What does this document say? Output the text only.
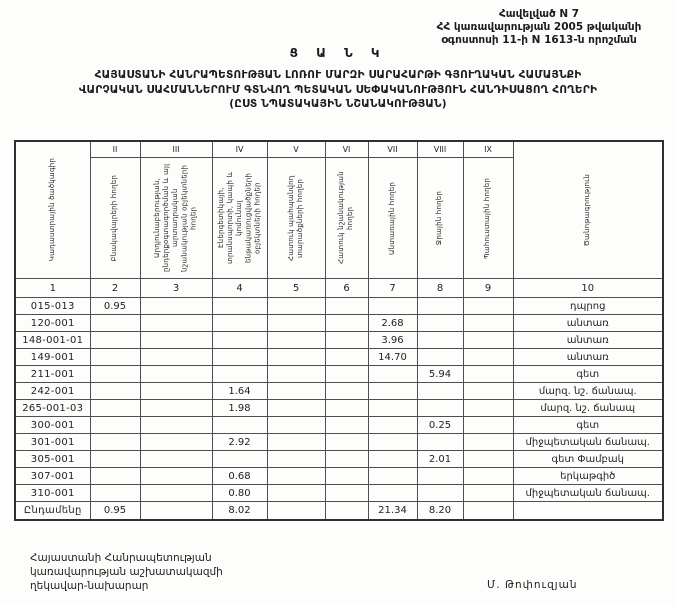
Հավելված N 7
ՀՀ կառավարության 2005 թվականի
օգոստոսի 11-ի N 1613-ն որոշման
Ց Ա Ն Կ
ՀԱՅԱՍՏԱՆԻ ՀԱՆՐԱՊԵՏՈՒԹՅԱՆ ԼՈՌՈՒ ՄԱՐԶԻ ՍԱՐԱՀԱՐԹԻ ԳՅՈՒՂԱԿԱՆ ՀԱՄԱՅՆՔԻ
ՎԱՐՉԱԿԱՆ ՍԱՀՄԱՆՆԵՐՈՒՄ ԳՏՆՎՈՂ ՊԵՏԱԿԱՆ ՍԵՓԱԿԱՆՈՒԹՅՈՒՆ ՀԱՆԴԻՍԱՑՈՂ ՀՈՂԵՐԻ
(ԸՍՏ ՆՊԱՏԱԿԱՅԻՆ ՆՇԱՆԱԿՈՒԹՅԱՆ)
Կադաստրային ծածկագիր	II	III	IV	V	VI	VII	VIII	IX	Ծանոթագրություն

	Բնակավայրերի հողեր	Արդյունաբերության, ընդերքօգտագործման և այլ արտադրական նշանակության օբյեկտների հողեր	Էներգետիկայի, տրանսպորտի, կապի և կոմունալ ենթակառուցվածքների օբյեկտների հողեր	Հատուկ պահպանվող տարածքների հողեր	Հատուկ նշանակության հողեր	Անտառային հողեր	Ջրային հողեր	Պահուստային հողեր	

1	2	3	4	5	6	7	8	9	10
015-013	0.95								դպրոց
120-001						2.68			անտառ
148-001-01						3.96			անտառ
149-001						14.70			անտառ
211-001							5.94		գետ
242-001			1.64						մարզ. նշ. ճանապ.
265-001-03			1.98						մարզ. նշ. ճանապ
300-001							0.25		գետ
301-001			2.92						միջպետական ճանապ.
305-001							2.01		գետ Փամբակ
307-001			0.68						երկաթգիծ
310-001			0.80						միջպետական ճանապ.
Ընդամենը	0.95		8.02			21.34	8.20		
Հայաստանի Հանրապետության
կառավարության աշխատակազմի
ղեկավար-նախարար	Մ. Թոփուզյան
